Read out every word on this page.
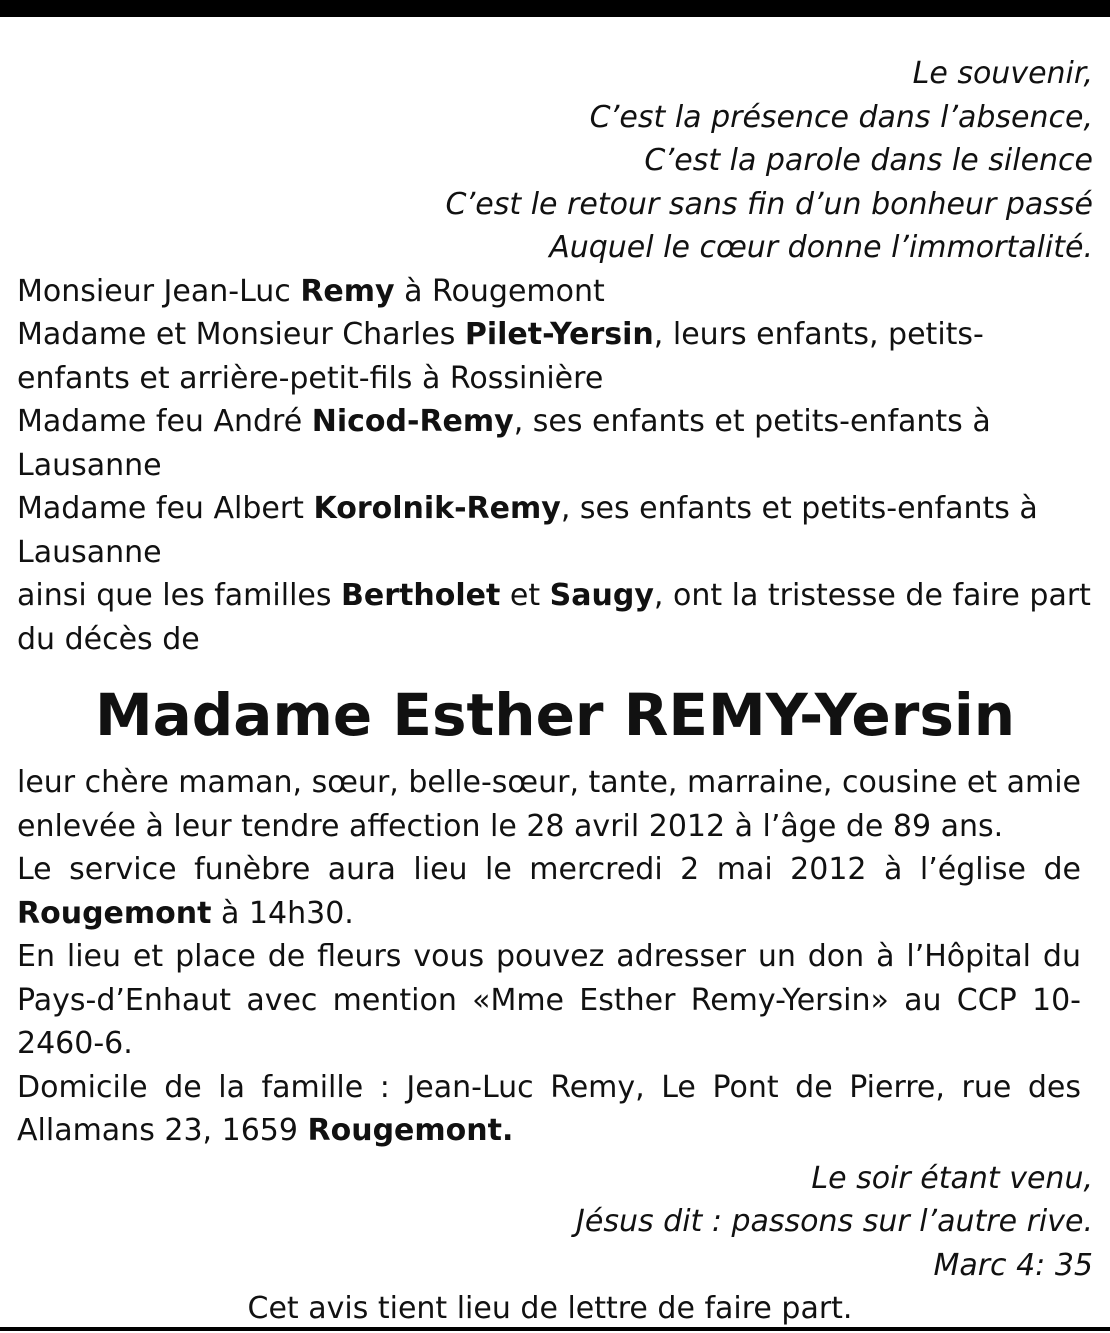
Le souvenir,

C’est la présence dans l’absence,

C’est la parole dans le silence

C’est le retour sans fin d’un bonheur passé

Auquel le cœur donne l’immortalité.

Monsieur Jean-Luc Remy à Rougemont

Madame et Monsieur Charles Pilet-Yersin, leurs enfants, petits-enfants et arrière-petit-fils à Rossinière

Madame feu André Nicod-Remy, ses enfants et petits-enfants à Lausanne

Madame feu Albert Korolnik-Remy, ses enfants et petits-enfants à Lausanne

ainsi que les familles Bertholet et Saugy, ont la tristesse de faire part du décès de

Madame Esther REMY-Yersin

leur chère maman, sœur, belle-sœur, tante, marraine, cousine et amie enlevée à leur tendre affection le 28 avril 2012 à l’âge de 89 ans.

Le service funèbre aura lieu le mercredi 2 mai 2012 à l’église de Rougemont à 14h30.

En lieu et place de fleurs vous pouvez adresser un don à l’Hôpital du Pays-d’Enhaut avec mention «Mme Esther Remy-Yersin» au CCP 10-2460-6.

Domicile de la famille : Jean-Luc Remy, Le Pont de Pierre, rue des Allamans 23, 1659 Rougemont.

Le soir étant venu,

Jésus dit : passons sur l’autre rive.

Marc 4: 35

Cet avis tient lieu de lettre de faire part.
